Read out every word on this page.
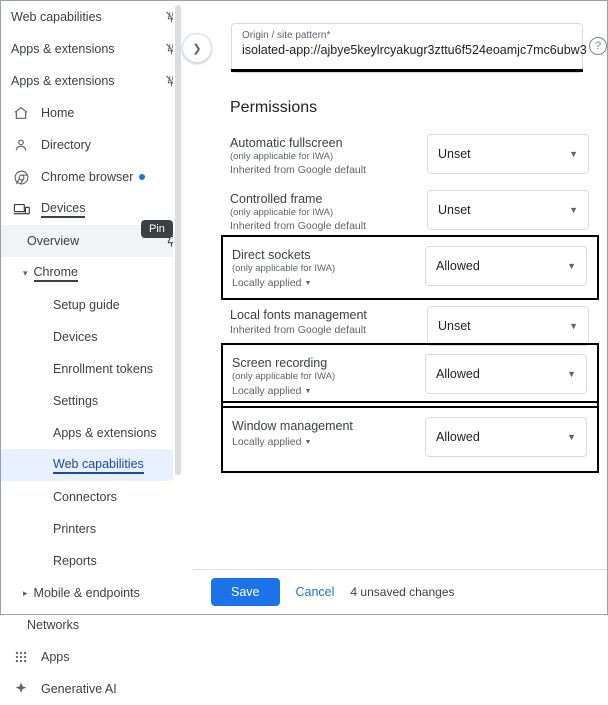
Web capabilities
Apps & extensions
Apps & extensions
Home
Directory
Chrome browser
Devices
Overview
▾ Chrome
Setup guide
Devices
Enrollment tokens
Settings
Apps & extensions
Web capabilities
Connectors
Printers
Reports
▸ Mobile & endpoints
Networks
Apps
Generative AI
Pin
❯
Origin / site pattern*
isolated-app://ajbye5keylrcyakugr3zttu6f524eoamjc7mc6ubw3 ?
Permissions
Automatic fullscreen
(only applicable for IWA)
Inherited from Google default
Unset	▼
Controlled frame
(only applicable for IWA)
Inherited from Google default
Unset	▼
Direct sockets
(only applicable for IWA)
Locally applied ▼
Allowed	▼
Local fonts management
Inherited from Google default	Unset	▼
Screen recording
(only applicable for IWA)
Locally applied ▼
Allowed	▼
Window management
Locally applied ▼	Allowed	▼
Save	Cancel 4 unsaved changes
